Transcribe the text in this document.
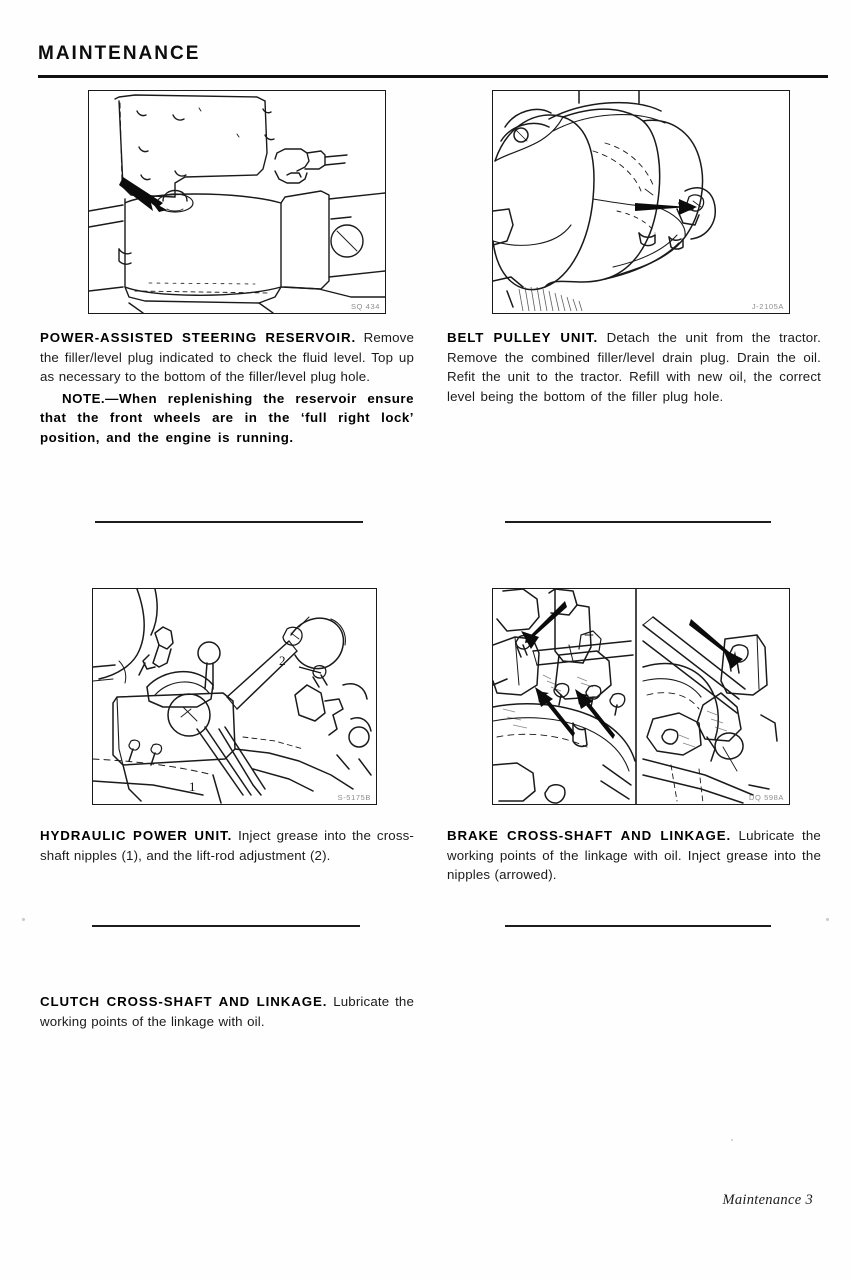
MAINTENANCE
SQ 434	J-2105A

POWER-ASSISTED STEERING RESERVOIR. Remove the filler/level plug indicated to check the fluid level. Top up as necessary to the bottom of the filler/level plug hole.

NOTE.—When replenishing the reservoir ensure that the front wheels are in the ‘full right lock’ position, and the engine is running.

BELT PULLEY UNIT. Detach the unit from the tractor. Remove the combined filler/level drain plug. Drain the oil. Refit the unit to the tractor. Refill with new oil, the correct level being the bottom of the filler plug hole.

2
1
S-5175B	DQ 598A

HYDRAULIC POWER UNIT. Inject grease into the cross-shaft nipples (1), and the lift-rod adjustment (2).

BRAKE CROSS-SHAFT AND LINKAGE. Lubricate the working points of the linkage with oil. Inject grease into the nipples (arrowed).

CLUTCH CROSS-SHAFT AND LINKAGE. Lubricate the working points of the linkage with oil.

Maintenance 3
